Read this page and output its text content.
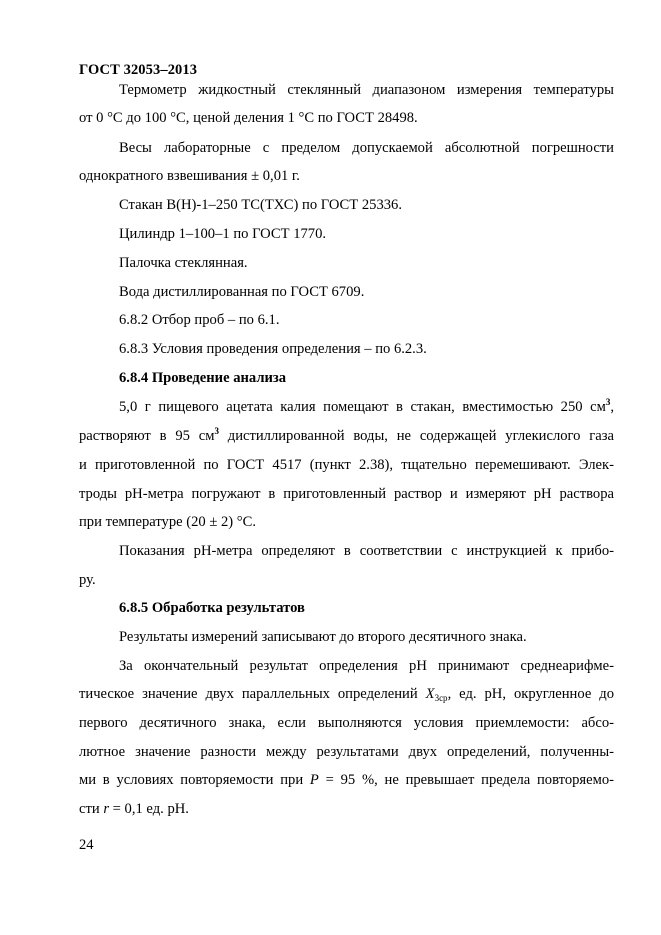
ГОСТ 32053–2013
Термометр жидкостный стеклянный диапазоном измерения температуры
от 0 °С до 100 °С, ценой деления 1 °С по ГОСТ 28498.
Весы лабораторные с пределом допускаемой абсолютной погрешности
однократного взвешивания ± 0,01 г.
Стакан В(Н)-1–250 ТС(ТХС) по ГОСТ 25336.
Цилиндр 1–100–1 по ГОСТ 1770.
Палочка стеклянная.
Вода дистиллированная по ГОСТ 6709.
6.8.2 Отбор проб – по 6.1.
6.8.3 Условия проведения определения – по 6.2.3.
6.8.4 Проведение анализа
5,0 г пищевого ацетата калия помещают в стакан, вместимостью 250 $см^3$,
растворяют в 95 $см^3$ дистиллированной воды, не содержащей углекислого газа
и приготовленной по ГОСТ 4517 (пункт 2.38), тщательно перемешивают. Элек-
троды рН-метра погружают в приготовленный раствор и измеряют рН раствора
при температуре (20 ± 2) °С.
Показания рН-метра определяют в соответствии с инструкцией к прибо-
ру.
6.8.5 Обработка результатов
Результаты измерений записывают до второго десятичного знака.
За окончательный результат определения рН принимают среднеарифме-
тическое значение двух параллельных определений $X_{3ср}$, ед. рН, округленное до
первого десятичного знака, если выполняются условия приемлемости: абсо-
лютное значение разности между результатами двух определений, полученны-
ми в условиях повторяемости при P = 95 %, не превышает предела повторяемо-
сти r = 0,1 ед. рН.
24
